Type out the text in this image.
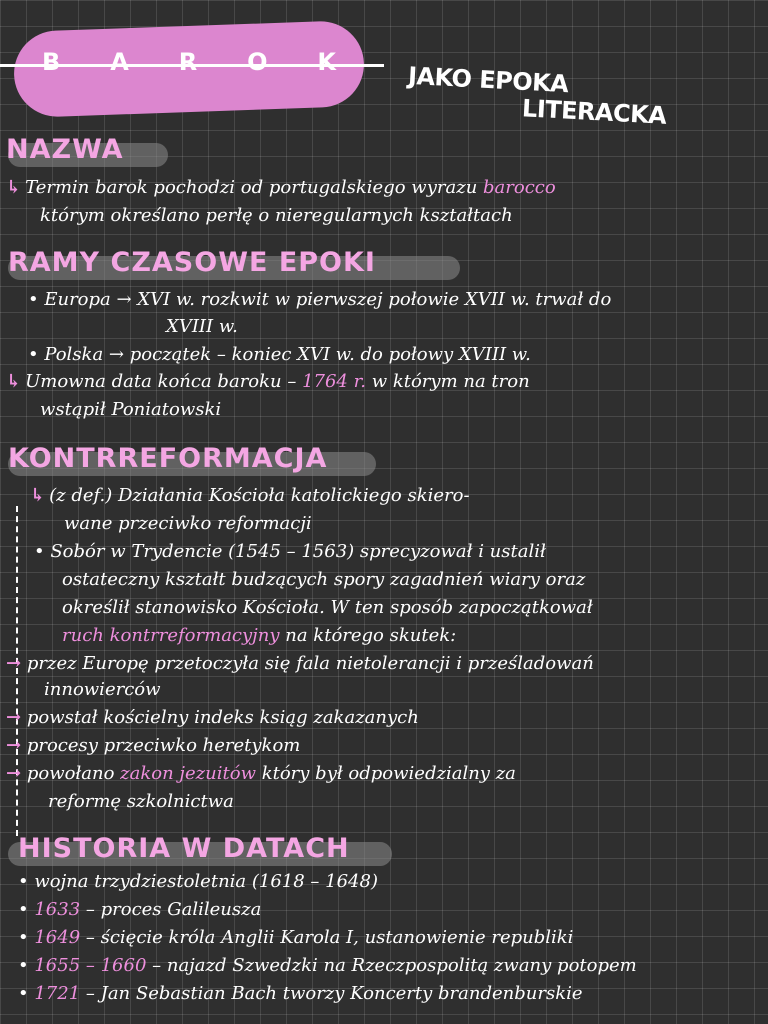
B A R O K	JAKO EPOKA
LITERACKA
NAZWA
↳ Termin barok pochodzi od portugalskiego wyrazu barocco
którym określano perłę o nieregularnych kształtach
RAMY CZASOWE EPOKI
• Europa → XVI w. rozkwit w pierwszej połowie XVII w. trwał do
XVIII w.
• Polska → początek – koniec XVI w. do połowy XVIII w.
↳ Umowna data końca baroku – 1764 r. w którym na tron
wstąpił Poniatowski
KONTRREFORMACJA
↳ (z def.) Działania Kościoła katolickiego skiero-
wane przeciwko reformacji
• Sobór w Trydencie (1545 – 1563) sprecyzował i ustalił
ostateczny kształt budzących spory zagadnień wiary oraz
określił stanowisko Kościoła. W ten sposób zapoczątkował
ruch kontrreformacyjny na którego skutek:
→ przez Europę przetoczyła się fala nietolerancji i prześladowań
innowierców
→ powstał kościelny indeks ksiąg zakazanych
→ procesy przeciwko heretykom
→ powołano zakon jezuitów który był odpowiedzialny za
reformę szkolnictwa
HISTORIA W DATACH
• wojna trzydziestoletnia (1618 – 1648)
• 1633 – proces Galileusza
• 1649 – ścięcie króla Anglii Karola I, ustanowienie republiki
• 1655 – 1660 – najazd Szwedzki na Rzeczpospolitą zwany potopem
• 1721 – Jan Sebastian Bach tworzy Koncerty brandenburskie
